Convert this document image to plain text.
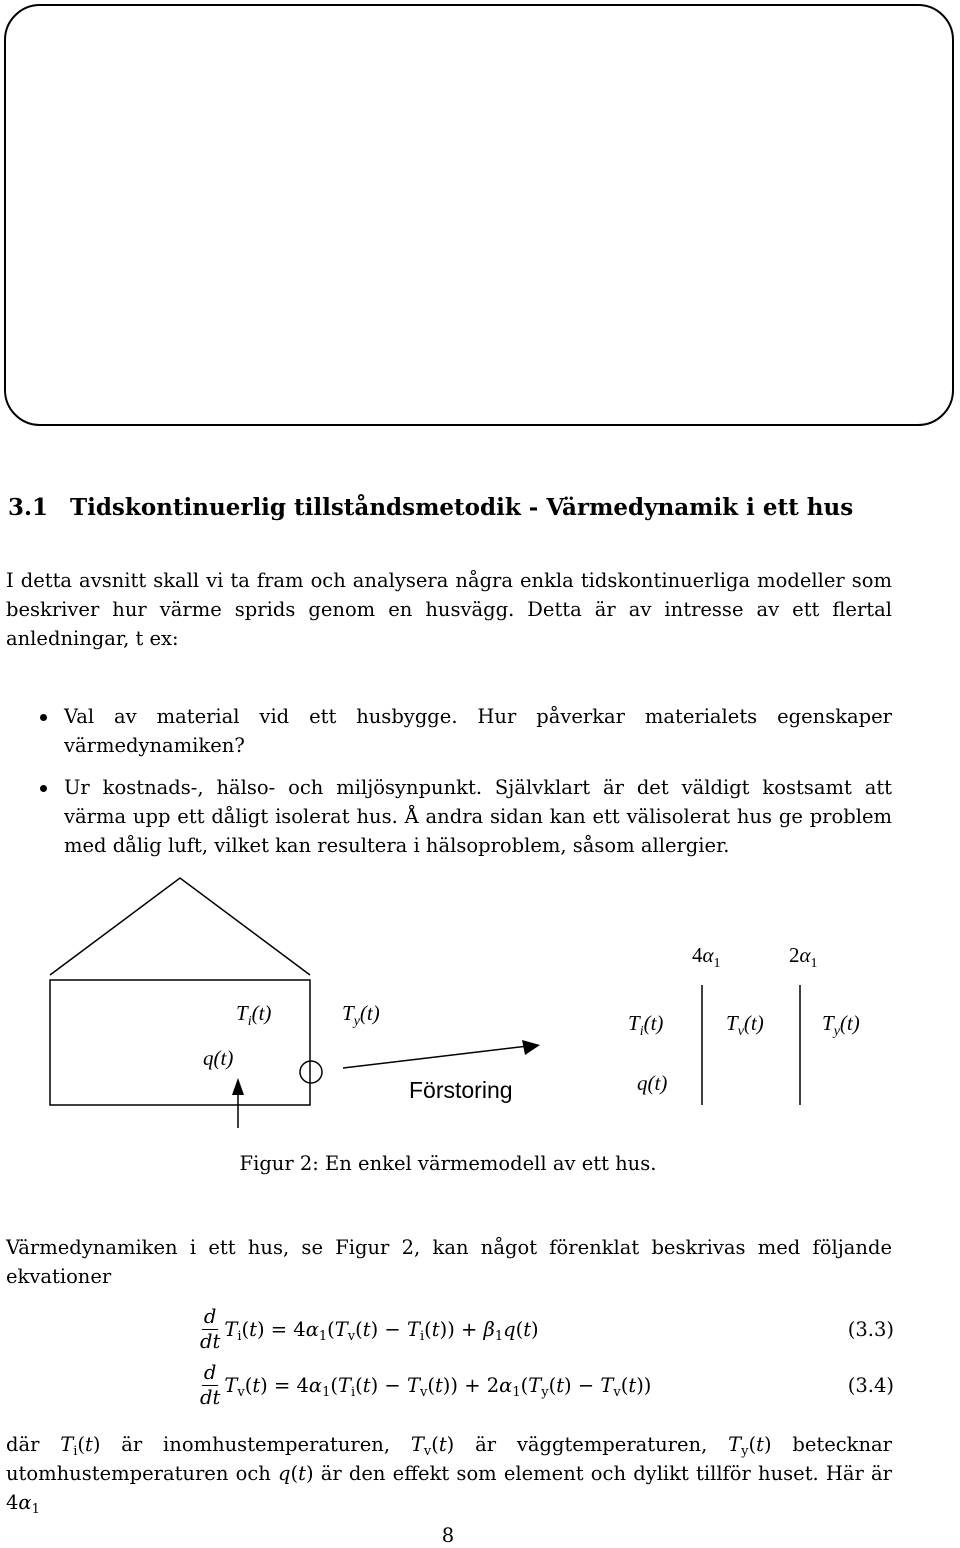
3.1 Tidskontinuerlig tillståndsmetodik - Värmedynamik i ett hus

I detta avsnitt skall vi ta fram och analysera några enkla tidskontinuerliga modeller som beskriver hur värme sprids genom en husvägg. Detta är av intresse av ett flertal anledningar, t ex:

Val av material vid ett husbygge. Hur påverkar materialets egenskaper värmedynamiken?
Ur kostnads-, hälso- och miljösynpunkt. Självklart är det väldigt kostsamt att värma upp ett dåligt isolerat hus. Å andra sidan kan ett välisolerat hus ge problem med dålig luft, vilket kan resultera i hälsoproblem, såsom allergier.
$T_i(t)$	$T_y(t)$
q(t)
$4\alpha_1$	$2\alpha_1$
$T_i(t)$	$T_v(t)$	$T_y(t)$
q(t)
Förstoring

Figur 2: En enkel värmemodell av ett hus.

Värmedynamiken i ett hus, se Figur 2, kan något förenklat beskrivas med följande ekvationer

$\frac{d}{dt} T_i(t) = 4\alpha_1(T_v(t) - T_i(t)) + \beta_1q(t)$	(3.3)
$\frac{d}{dt} T_v(t) = 4\alpha_1(T_i(t) - T_v(t)) + 2\alpha_1(T_y(t) - T_v(t))$	(3.4)

där $T_i(t)$ är inomhustemperaturen, $T_v(t)$ är väggtemperaturen, $T_y(t)$ betecknar utomhustemperaturen och q(t) är den effekt som element och dylikt tillför huset. Här är $4\alpha_1$

8
